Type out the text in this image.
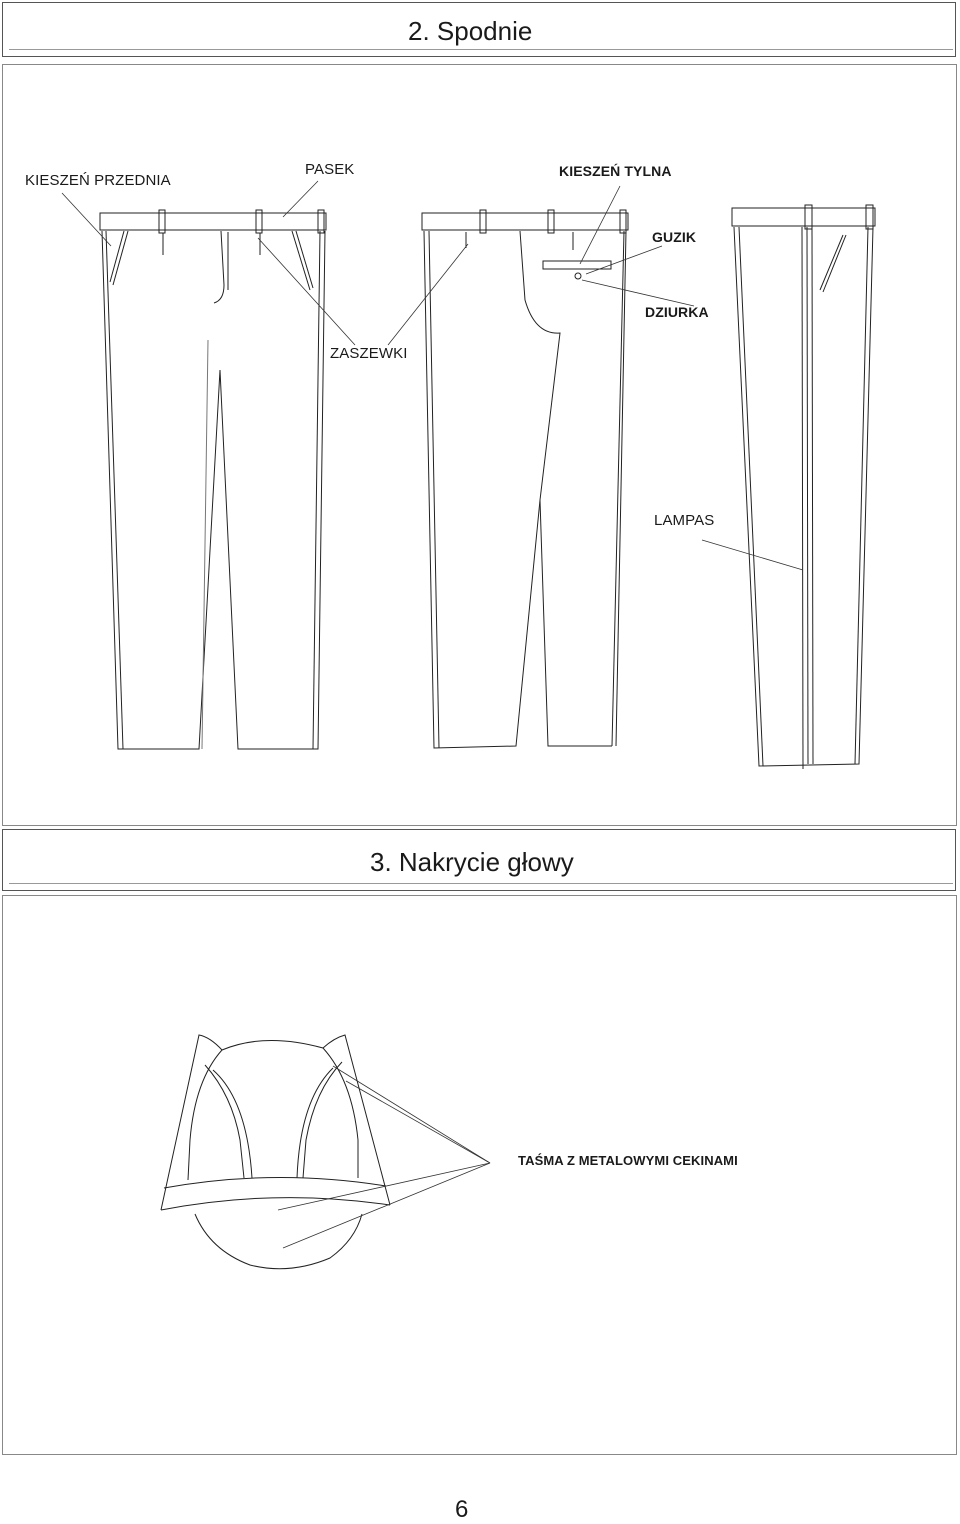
2. Spodnie
3. Nakrycie głowy
KIESZEŃ PRZEDNIA
PASEK	KIESZEŃ TYLNA
GUZIK
DZIURKA
ZASZEWKI
LAMPAS
TAŚMA Z METALOWYMI CEKINAMI
6
